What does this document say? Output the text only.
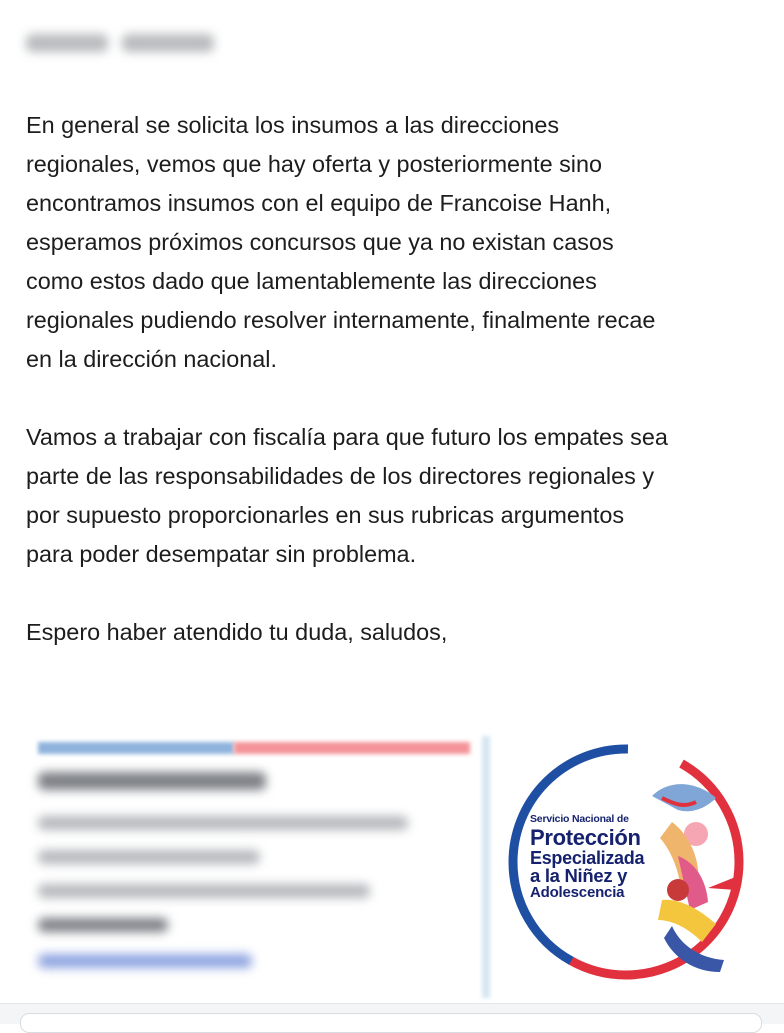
En general se solicita los insumos a las direcciones
regionales, vemos que hay oferta y posteriormente sino
encontramos insumos con el equipo de Francoise Hanh,
esperamos próximos concursos que ya no existan casos
como estos dado que lamentablemente las direcciones
regionales pudiendo resolver internamente, finalmente recae
en la dirección nacional.

Vamos a trabajar con fiscalía para que futuro los empates sea
parte de las responsabilidades de los directores regionales y
por supuesto proporcionarles en sus rubricas argumentos
para poder desempatar sin problema.

Espero haber atendido tu duda, saludos,

Servicio Nacional de
Protección
Especializada
a la Niñez y
Adolescencia
